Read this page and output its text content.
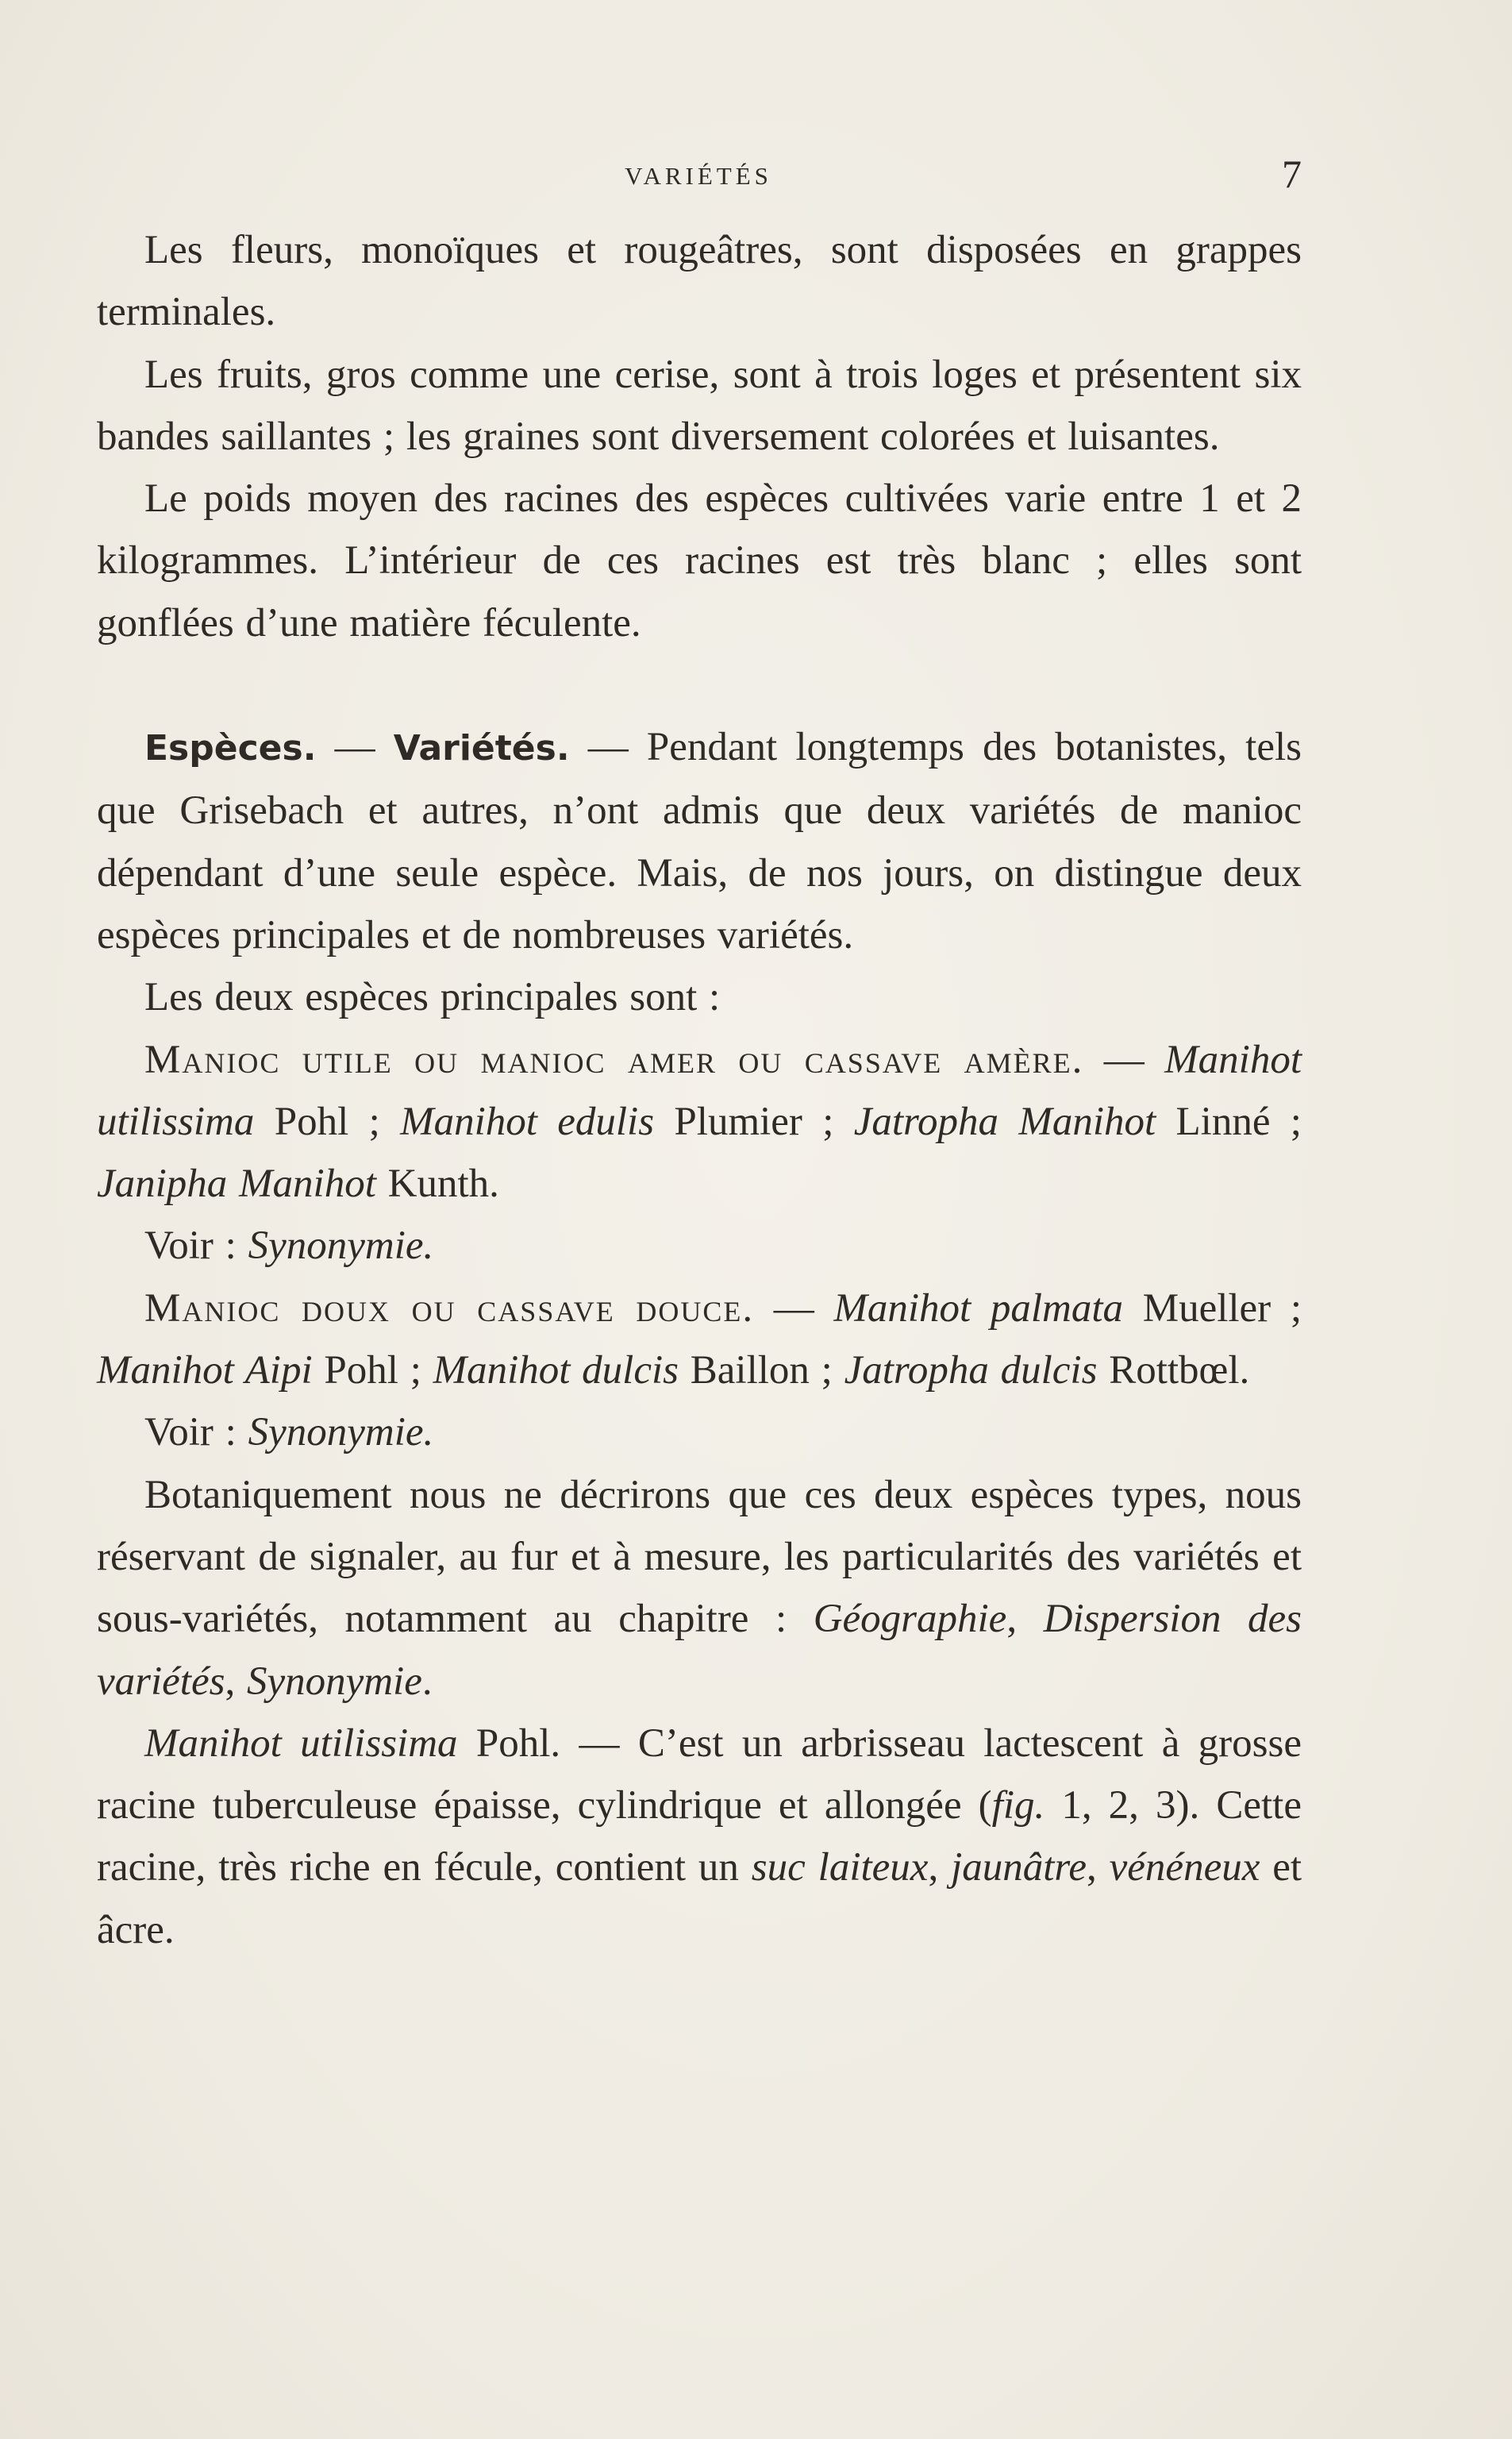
VARIÉTÉS	7

Les fleurs, monoïques et rougeâtres, sont disposées en grappes terminales.

Les fruits, gros comme une cerise, sont à trois loges et présentent six bandes saillantes ; les graines sont diversement colorées et luisantes.

Le poids moyen des racines des espèces cultivées varie entre 1 et 2 kilogrammes. L’intérieur de ces racines est très blanc ; elles sont gonflées d’une matière féculente.

Espèces. — Variétés. — Pendant longtemps des botanistes, tels que Grisebach et autres, n’ont admis que deux variétés de manioc dépendant d’une seule espèce. Mais, de nos jours, on distingue deux espèces principales et de nombreuses variétés.

Les deux espèces principales sont :

Manioc utile ou manioc amer ou cassave amère. — Manihot utilissima Pohl ; Manihot edulis Plumier ; Jatropha Manihot Linné ; Janipha Manihot Kunth.

Voir : Synonymie.

Manioc doux ou cassave douce. — Manihot palmata Mueller ; Manihot Aipi Pohl ; Manihot dulcis Baillon ; Jatropha dulcis Rottbœl.

Voir : Synonymie.

Botaniquement nous ne décrirons que ces deux espèces types, nous réservant de signaler, au fur et à mesure, les particularités des variétés et sous-variétés, notamment au chapitre : Géographie, Dispersion des variétés, Synonymie.

Manihot utilissima Pohl. — C’est un arbrisseau lactescent à grosse racine tuberculeuse épaisse, cylindrique et allongée (fig. 1, 2, 3). Cette racine, très riche en fécule, contient un suc laiteux, jaunâtre, vénéneux et âcre.
